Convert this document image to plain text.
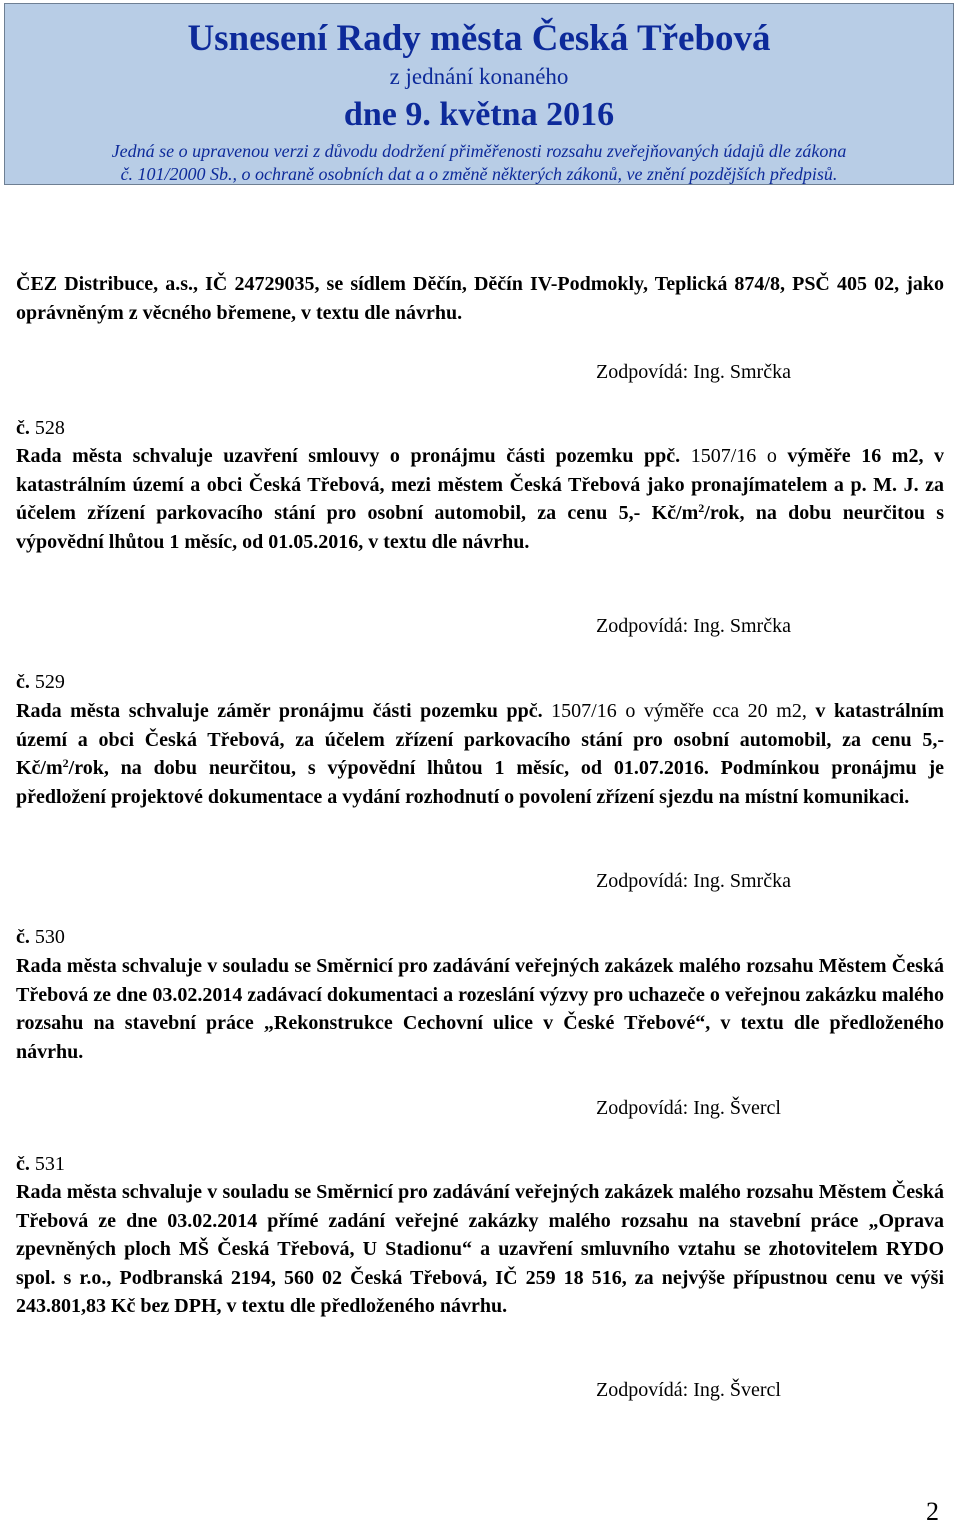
Usnesení Rady města Česká Třebová
z jednání konaného
dne 9. května 2016
Jedná se o upravenou verzi z důvodu dodržení přiměřenosti rozsahu zveřejňovaných údajů dle zákona
č. 101/2000 Sb., o ochraně osobních dat a o změně některých zákonů, ve znění pozdějších předpisů.
ČEZ Distribuce, a.s., IČ 24729035, se sídlem Děčín, Děčín IV-Podmokly, Teplická 874/8, PSČ 405 02, jako oprávněným z věcného břemene, v textu dle návrhu.
Zodpovídá: Ing. Smrčka
č. 528
Rada města schvaluje uzavření smlouvy o pronájmu části pozemku ppč. 1507/16 o výměře 16 m2, v katastrálním území a obci Česká Třebová, mezi městem Česká Třebová jako pronajímatelem a p. M. J. za účelem zřízení parkovacího stání pro osobní automobil, za cenu 5,- $Kč/m^2$/rok, na dobu neurčitou s výpovědní lhůtou 1 měsíc, od 01.05.2016, v textu dle návrhu.
Zodpovídá: Ing. Smrčka
č. 529
Rada města schvaluje záměr pronájmu části pozemku ppč. 1507/16 o výměře cca 20 m2, v katastrálním území a obci Česká Třebová, za účelem zřízení parkovacího stání pro osobní automobil, za cenu 5,- $Kč/m^2$/rok, na dobu neurčitou, s výpovědní lhůtou 1 měsíc, od 01.07.2016. Podmínkou pronájmu je předložení projektové dokumentace a vydání rozhodnutí o povolení zřízení sjezdu na místní komunikaci.
Zodpovídá: Ing. Smrčka
č. 530
Rada města schvaluje v souladu se Směrnicí pro zadávání veřejných zakázek malého rozsahu Městem Česká Třebová ze dne 03.02.2014 zadávací dokumentaci a rozeslání výzvy pro uchazeče o veřejnou zakázku malého rozsahu na stavební práce „Rekonstrukce Cechovní ulice v České Třebové“, v textu dle předloženého návrhu.
Zodpovídá: Ing. Švercl
č. 531
Rada města schvaluje v souladu se Směrnicí pro zadávání veřejných zakázek malého rozsahu Městem Česká Třebová ze dne 03.02.2014 přímé zadání veřejné zakázky malého rozsahu na stavební práce „Oprava zpevněných ploch MŠ Česká Třebová, U Stadionu“ a uzavření smluvního vztahu se zhotovitelem RYDO spol. s r.o., Podbranská 2194, 560 02 Česká Třebová, IČ 259 18 516, za nejvýše přípustnou cenu ve výši 243.801,83 Kč bez DPH, v textu dle předloženého návrhu.
Zodpovídá: Ing. Švercl
2
